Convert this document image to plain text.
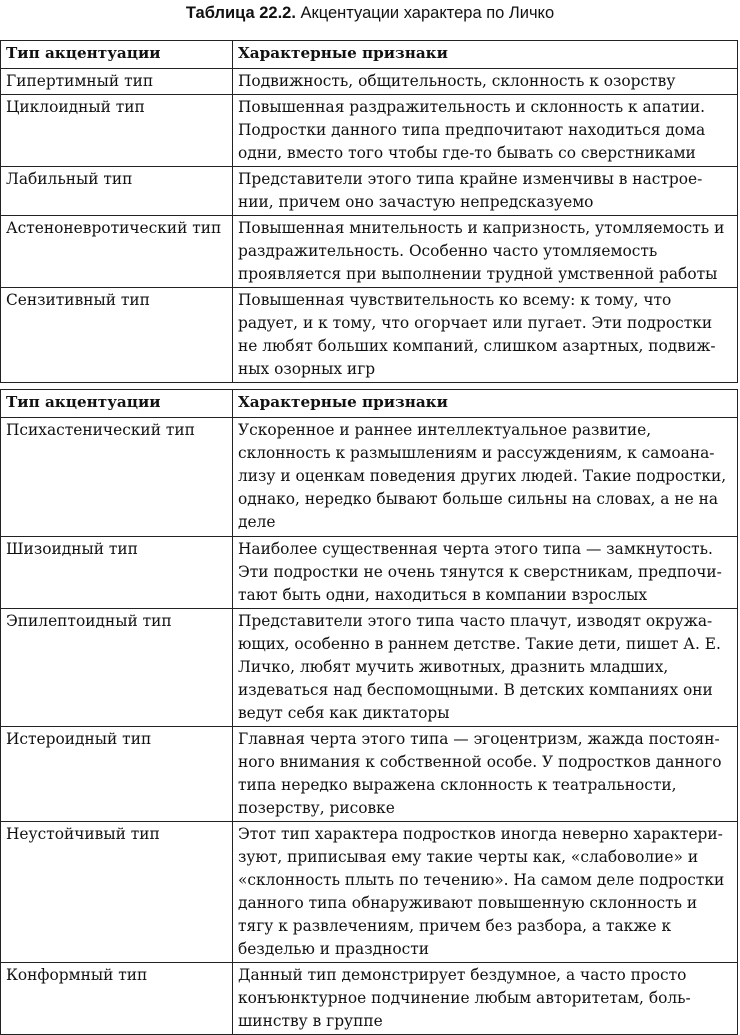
Таблица 22.2. Акцентуации характера по Личко
Тип акцентуации	Характерные признаки
Гипертимный тип	Подвижность, общительность, склонность к озорству
Циклоидный тип	Повышенная раздражительность и склонность к апатии. Подростки данного типа предпочитают находиться дома одни, вместо того чтобы где-то бывать со сверстниками
Лабильный тип	Представители этого типа крайне изменчивы в настрое-нии, причем оно зачастую непредсказуемо
Астеноневротический тип	Повышенная мнительность и капризность, утомляемость и раздражительность. Особенно часто утомляемость проявляется при выполнении трудной умственной работы
Сензитивный тип	Повышенная чувствительность ко всему: к тому, что радует, и к тому, что огорчает или пугает. Эти подростки не любят больших компаний, слишком азартных, подвиж-ных озорных игр
Тип акцентуации	Характерные признаки
Психастенический тип	Ускоренное и раннее интеллектуальное развитие, склонность к размышлениям и рассуждениям, к самоана-лизу и оценкам поведения других людей. Такие подростки, однако, нередко бывают больше сильны на словах, а не на деле
Шизоидный тип	Наиболее существенная черта этого типа — замкнутость. Эти подростки не очень тянутся к сверстникам, предпочи-тают быть одни, находиться в компании взрослых
Эпилептоидный тип	Представители этого типа часто плачут, изводят окружа-ющих, особенно в раннем детстве. Такие дети, пишет А. Е. Личко, любят мучить животных, дразнить младших, издеваться над беспомощными. В детских компаниях они ведут себя как диктаторы
Истероидный тип	Главная черта этого типа — эгоцентризм, жажда постоян-ного внимания к собственной особе. У подростков данного типа нередко выражена склонность к театральности, позерству, рисовке
Неустойчивый тип	Этот тип характера подростков иногда неверно характери-зуют, приписывая ему такие черты как, «слабоволие» и «склонность плыть по течению». На самом деле подростки данного типа обнаруживают повышенную склонность и тягу к развлечениям, причем без разбора, а также к безделью и праздности
Конформный тип	Данный тип демонстрирует бездумное, а часто просто конъюнктурное подчинение любым авторитетам, боль-шинству в группе
